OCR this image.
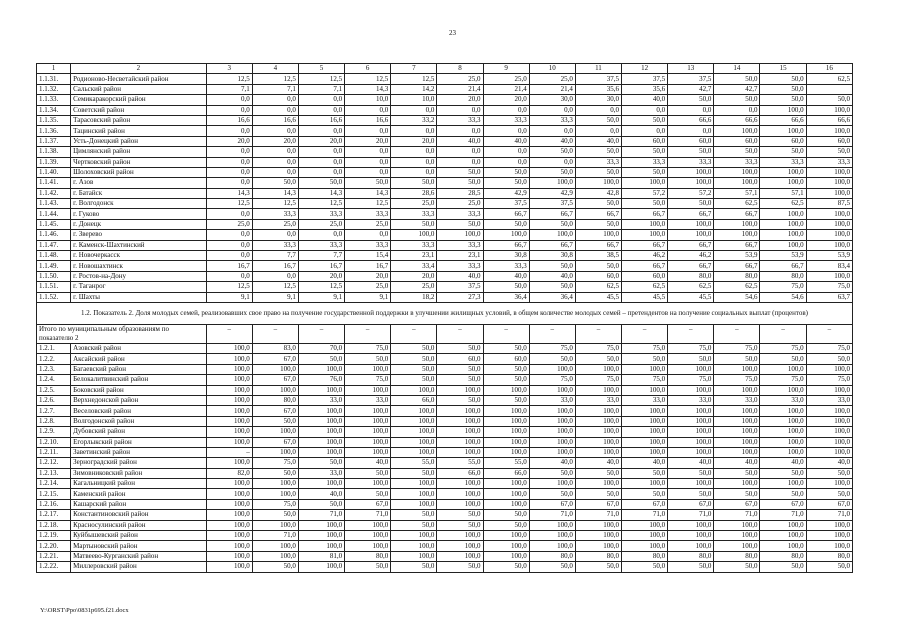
23
1	2	3	4	5	6	7	8	9	10	11	12	13	14	15	16
1.1.31.	Родионово-Несветайский район	12,5	12,5	12,5	12,5	12,5	25,0	25,0	25,0	37,5	37,5	37,5	50,0	50,0	62,5
1.1.32.	Сальский район	7,1	7,1	7,1	14,3	14,2	21,4	21,4	21,4	35,6	35,6	42,7	42,7	50,0	
1.1.33.	Семикаракорский район	0,0	0,0	0,0	10,0	10,0	20,0	20,0	30,0	30,0	40,0	50,0	50,0	50,0	50,0
1.1.34.	Советский район	0,0	0,0	0,0	0,0	0,0	0,0	0,0	0,0	0,0	0,0	0,0	0,0	100,0	100,0
1.1.35.	Тарасовский район	16,6	16,6	16,6	16,6	33,2	33,3	33,3	33,3	50,0	50,0	66,6	66,6	66,6	66,6
1.1.36.	Тацинский район	0,0	0,0	0,0	0,0	0,0	0,0	0,0	0,0	0,0	0,0	0,0	100,0	100,0	100,0
1.1.37.	Усть-Донецкий район	20,0	20,0	20,0	20,0	20,0	40,0	40,0	40,0	40,0	60,0	60,0	60,0	60,0	60,0
1.1.38.	Цимлянский район	0,0	0,0	0,0	0,0	0,0	0,0	0,0	50,0	50,0	50,0	50,0	50,0	50,0	50,0
1.1.39.	Чертковский район	0,0	0,0	0,0	0,0	0,0	0,0	0,0	0,0	33,3	33,3	33,3	33,3	33,3	33,3
1.1.40.	Шолоховский район	0,0	0,0	0,0	0,0	0,0	50,0	50,0	50,0	50,0	50,0	100,0	100,0	100,0	100,0
1.1.41.	г. Азов	0,0	50,0	50,0	50,0	50,0	50,0	50,0	100,0	100,0	100,0	100,0	100,0	100,0	100,0
1.1.42.	г. Батайск	14,3	14,3	14,3	14,3	28,6	28,5	42,9	42,9	42,8	57,2	57,2	57,1	57,1	100,0
1.1.43.	г. Волгодонск	12,5	12,5	12,5	12,5	25,0	25,0	37,5	37,5	50,0	50,0	50,0	62,5	62,5	87,5
1.1.44.	г. Гуково	0,0	33,3	33,3	33,3	33,3	33,3	66,7	66,7	66,7	66,7	66,7	66,7	100,0	100,0
1.1.45.	г. Донецк	25,0	25,0	25,0	25,0	50,0	50,0	50,0	50,0	50,0	100,0	100,0	100,0	100,0	100,0
1.1.46.	г. Зверево	0,0	0,0	0,0	0,0	100,0	100,0	100,0	100,0	100,0	100,0	100,0	100,0	100,0	100,0
1.1.47.	г. Каменск-Шахтинский	0,0	33,3	33,3	33,3	33,3	33,3	66,7	66,7	66,7	66,7	66,7	66,7	100,0	100,0
1.1.48.	г. Новочеркасск	0,0	7,7	7,7	15,4	23,1	23,1	30,8	30,8	38,5	46,2	46,2	53,9	53,9	53,9
1.1.49.	г. Новошахтинск	16,7	16,7	16,7	16,7	33,4	33,3	33,3	50,0	50,0	66,7	66,7	66,7	66,7	83,4
1.1.50.	г. Ростов-на-Дону	0,0	0,0	20,0	20,0	20,0	40,0	40,0	40,0	60,0	60,0	80,0	80,0	80,0	100,0
1.1.51.	г. Таганрог	12,5	12,5	12,5	25,0	25,0	37,5	50,0	50,0	62,5	62,5	62,5	62,5	75,0	75,0
1.1.52.	г. Шахты	9,1	9,1	9,1	9,1	18,2	27,3	36,4	36,4	45,5	45,5	45,5	54,6	54,6	63,7
1.2. Показатель 2. Доля молодых семей, реализовавших свое право на получение государственной поддержки в улучшении жилищных условий, в общем количестве молодых семей – претендентов на получение социальных выплат (процентов)															
Итого по муниципальным образованиям по показателю 2		–	–	–	–	–	–	–	–	–	–	–	–	–	–
1.2.1.	Азовский район	100,0	83,0	70,0	75,0	50,0	50,0	50,0	75,0	75,0	75,0	75,0	75,0	75,0	75,0
1.2.2.	Аксайский район	100,0	67,0	50,0	50,0	50,0	60,0	60,0	50,0	50,0	50,0	50,0	50,0	50,0	50,0
1.2.3.	Багаевский район	100,0	100,0	100,0	100,0	50,0	50,0	50,0	100,0	100,0	100,0	100,0	100,0	100,0	100,0
1.2.4.	Белокалитвинский район	100,0	67,0	76,0	75,0	50,0	50,0	50,0	75,0	75,0	75,0	75,0	75,0	75,0	75,0
1.2.5.	Боковский район	100,0	100,0	100,0	100,0	100,0	100,0	100,0	100,0	100,0	100,0	100,0	100,0	100,0	100,0
1.2.6.	Верхнедонской район	100,0	80,0	33,0	33,0	66,0	50,0	50,0	33,0	33,0	33,0	33,0	33,0	33,0	33,0
1.2.7.	Веселовский район	100,0	67,0	100,0	100,0	100,0	100,0	100,0	100,0	100,0	100,0	100,0	100,0	100,0	100,0
1.2.8.	Волгодонской район	100,0	50,0	100,0	100,0	100,0	100,0	100,0	100,0	100,0	100,0	100,0	100,0	100,0	100,0
1.2.9.	Дубовский район	100,0	100,0	100,0	100,0	100,0	100,0	100,0	100,0	100,0	100,0	100,0	100,0	100,0	100,0
1.2.10.	Егорлыкский район	100,0	67,0	100,0	100,0	100,0	100,0	100,0	100,0	100,0	100,0	100,0	100,0	100,0	100,0
1.2.11.	Заветинский район	–	100,0	100,0	100,0	100,0	100,0	100,0	100,0	100,0	100,0	100,0	100,0	100,0	100,0
1.2.12.	Зерноградский район	100,0	75,0	50,0	40,0	55,0	55,0	55,0	40,0	40,0	40,0	40,0	40,0	40,0	40,0
1.2.13.	Зимовниковский район	82,0	50,0	33,0	50,0	50,0	66,0	66,0	50,0	50,0	50,0	50,0	50,0	50,0	50,0
1.2.14.	Кагальницкий район	100,0	100,0	100,0	100,0	100,0	100,0	100,0	100,0	100,0	100,0	100,0	100,0	100,0	100,0
1.2.15.	Каменский район	100,0	100,0	40,0	50,0	100,0	100,0	100,0	50,0	50,0	50,0	50,0	50,0	50,0	50,0
1.2.16.	Кашарский район	100,0	75,0	50,0	67,0	100,0	100,0	100,0	67,0	67,0	67,0	67,0	67,0	67,0	67,0
1.2.17.	Константиновский район	100,0	50,0	71,0	71,0	50,0	50,0	50,0	71,0	71,0	71,0	71,0	71,0	71,0	71,0
1.2.18.	Красносулинский район	100,0	100,0	100,0	100,0	50,0	50,0	50,0	100,0	100,0	100,0	100,0	100,0	100,0	100,0
1.2.19.	Куйбышевский район	100,0	71,0	100,0	100,0	100,0	100,0	100,0	100,0	100,0	100,0	100,0	100,0	100,0	100,0
1.2.20.	Мартыновский район	100,0	100,0	100,0	100,0	100,0	100,0	100,0	100,0	100,0	100,0	100,0	100,0	100,0	100,0
1.2.21.	Матвеево-Курганский район	100,0	100,0	81,0	80,0	100,0	100,0	100,0	80,0	80,0	80,0	80,0	80,0	80,0	80,0
1.2.22.	Миллеровский район	100,0	50,0	100,0	50,0	50,0	50,0	50,0	50,0	50,0	50,0	50,0	50,0	50,0	50,0
Y:\ORST\Ppo\0831p695.f21.docx
